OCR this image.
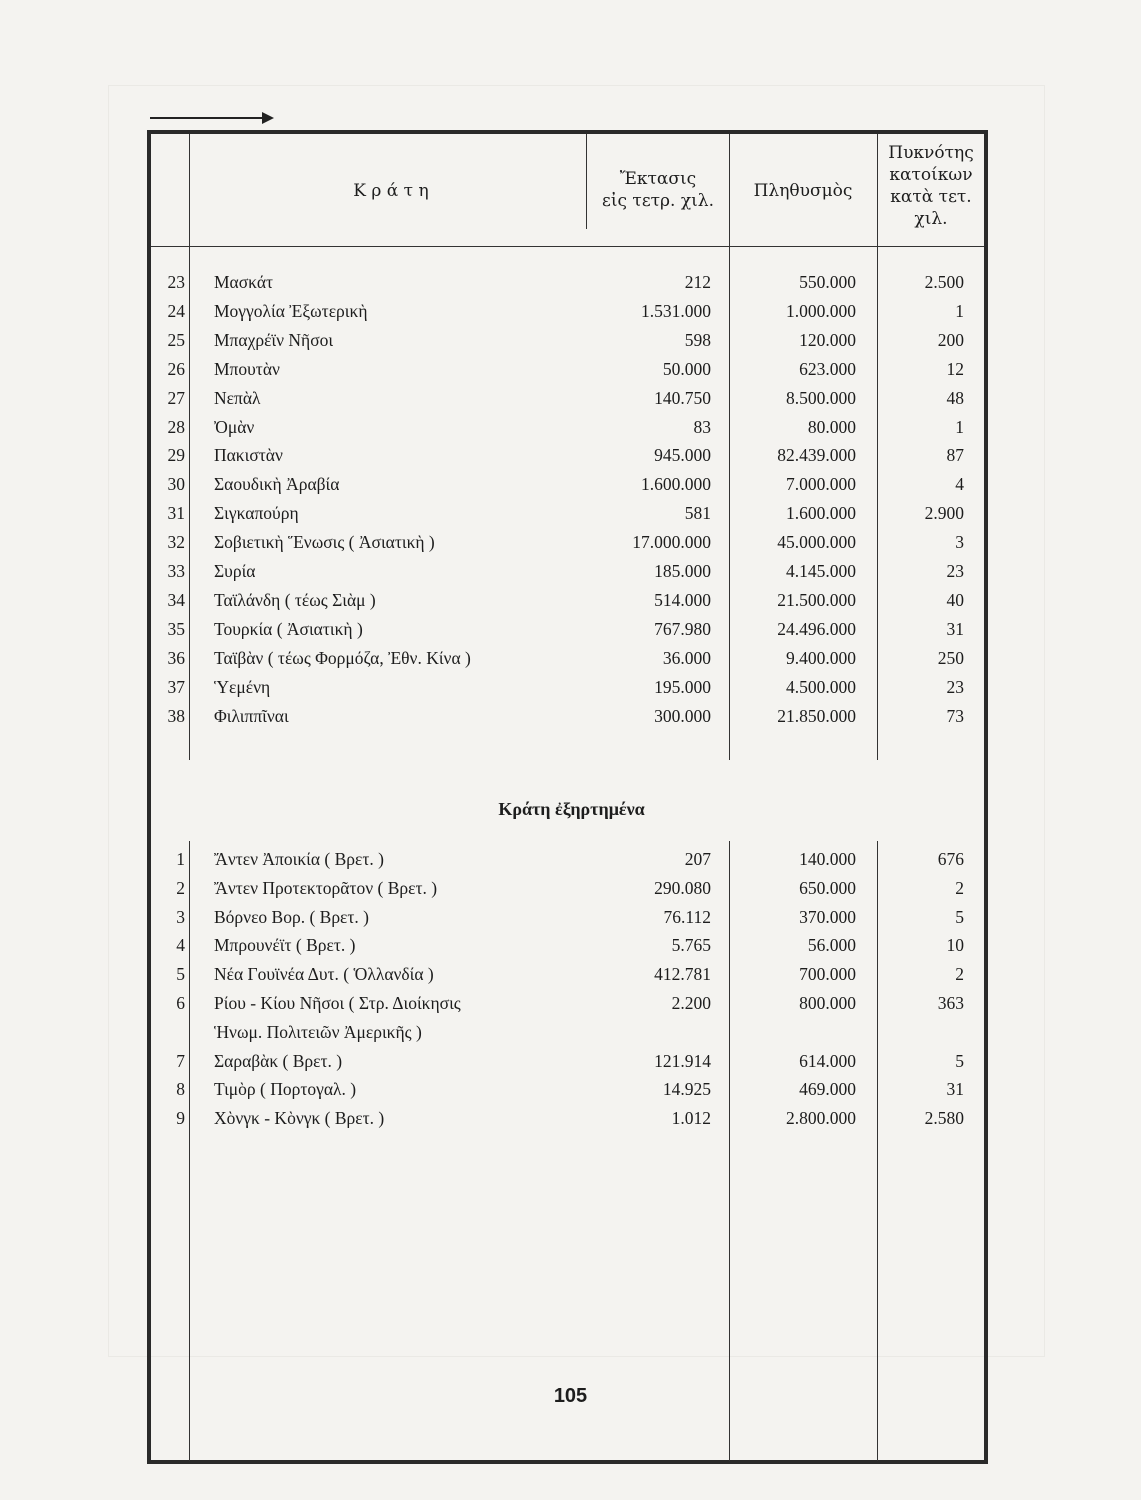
Κ ρ ά τ η
Ἔκτασις
εἰς τετρ. χιλ.	Πληθυσμὸς
Πυκνότης
κατοίκων
κατὰ τετ.
χιλ.
23 Μασκάτ	212	550.000	2.500
24 Μογγολία Ἐξωτερικὴ	1.531.000	1.000.000	1
25 Μπαχρέϊν Νῆσοι	598	120.000	200
26 Μπουτὰν	50.000	623.000	12
27 Νεπὰλ	140.750	8.500.000	48
28 Ὀμὰν	83	80.000	1
29 Πακιστὰν	945.000	82.439.000	87
30 Σαουδικὴ Ἀραβία	1.600.000	7.000.000	4
31 Σιγκαπούρη	581	1.600.000	2.900
32 Σοβιετικὴ Ἕνωσις ( Ἀσιατικὴ )	17.000.000	45.000.000	3
33 Συρία	185.000	4.145.000	23
34 Ταϊλάνδη ( τέως Σιὰμ )	514.000	21.500.000	40
35 Τουρκία ( Ἀσιατικὴ )	767.980	24.496.000	31
36 Ταϊβὰν ( τέως Φορμόζα, Ἐθν. Κίνα )	36.000	9.400.000	250
37 Ὑεμένη	195.000	4.500.000	23
38 Φιλιππῖναι	300.000	21.850.000	73
Κράτη ἐξηρτημένα
1 Ἄντεν Ἀποικία ( Βρετ. )	207	140.000	676
2 Ἄντεν Προτεκτορᾶτον ( Βρετ. )	290.080	650.000	2
3 Βόρνεο Βορ. ( Βρετ. )	76.112	370.000	5
4 Μπρουνέϊτ ( Βρετ. )	5.765	56.000	10
5 Νέα Γουϊνέα Δυτ. ( Ὁλλανδία )	412.781	700.000	2
6 Ρίου - Κίου Νῆσοι ( Στρ. Διοίκησις	2.200	800.000	363
Ἡνωμ. Πολιτειῶν Ἀμερικῆς )
7 Σαραβὰκ ( Βρετ. )	121.914	614.000	5
8 Τιμὸρ ( Πορτογαλ. )	14.925	469.000	31
9 Χὸνγκ - Κὸνγκ ( Βρετ. )	1.012	2.800.000	2.580
105
